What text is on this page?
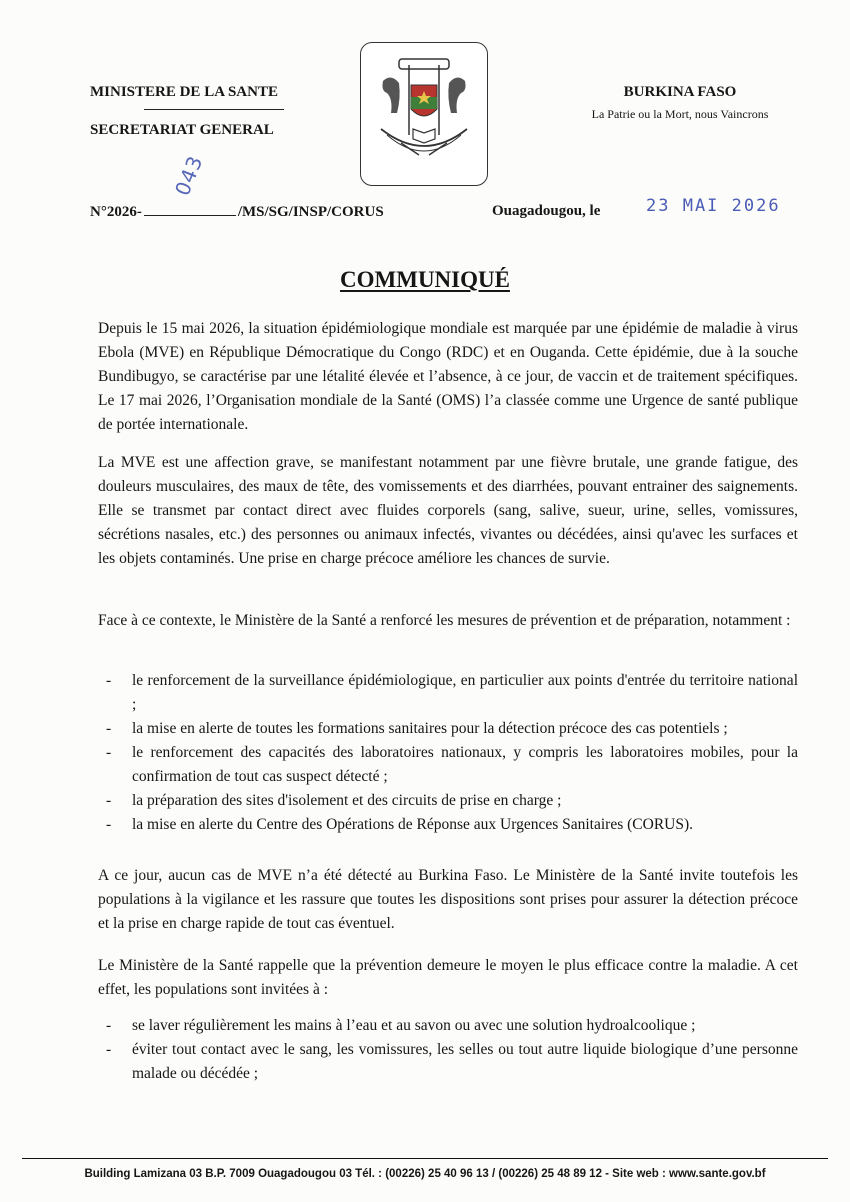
MINISTERE DE LA SANTE
SECRETARIAT GENERAL
BURKINA FASO
La Patrie ou la Mort, nous Vaincrons
N°2026-	/MS/SG/INSP/CORUS
043
Ouagadougou, le	23 MAI 2026
COMMUNIQUÉ
Depuis le 15 mai 2026, la situation épidémiologique mondiale est marquée par une épidémie de maladie à virus Ebola (MVE) en République Démocratique du Congo (RDC) et en Ouganda. Cette épidémie, due à la souche Bundibugyo, se caractérise par une létalité élevée et l’absence, à ce jour, de vaccin et de traitement spécifiques. Le 17 mai 2026, l’Organisation mondiale de la Santé (OMS) l’a classée comme une Urgence de santé publique de portée internationale.
La MVE est une affection grave, se manifestant notamment par une fièvre brutale, une grande fatigue, des douleurs musculaires, des maux de tête, des vomissements et des diarrhées, pouvant entrainer des saignements. Elle se transmet par contact direct avec fluides corporels (sang, salive, sueur, urine, selles, vomissures, sécrétions nasales, etc.) des personnes ou animaux infectés, vivantes ou décédées, ainsi qu'avec les surfaces et les objets contaminés. Une prise en charge précoce améliore les chances de survie.
Face à ce contexte, le Ministère de la Santé a renforcé les mesures de prévention et de préparation, notamment :
- le renforcement de la surveillance épidémiologique, en particulier aux points d'entrée du territoire national ;
- la mise en alerte de toutes les formations sanitaires pour la détection précoce des cas potentiels ;
- le renforcement des capacités des laboratoires nationaux, y compris les laboratoires mobiles, pour la confirmation de tout cas suspect détecté ;
- la préparation des sites d'isolement et des circuits de prise en charge ;
- la mise en alerte du Centre des Opérations de Réponse aux Urgences Sanitaires (CORUS).
A ce jour, aucun cas de MVE n’a été détecté au Burkina Faso. Le Ministère de la Santé invite toutefois les populations à la vigilance et les rassure que toutes les dispositions sont prises pour assurer la détection précoce et la prise en charge rapide de tout cas éventuel.
Le Ministère de la Santé rappelle que la prévention demeure le moyen le plus efficace contre la maladie. A cet effet, les populations sont invitées à :
- se laver régulièrement les mains à l’eau et au savon ou avec une solution hydroalcoolique ;
- éviter tout contact avec le sang, les vomissures, les selles ou tout autre liquide biologique d’une personne malade ou décédée ;
Building Lamizana 03 B.P. 7009 Ouagadougou 03 Tél. : (00226) 25 40 96 13 / (00226) 25 48 89 12 - Site web : www.sante.gov.bf
